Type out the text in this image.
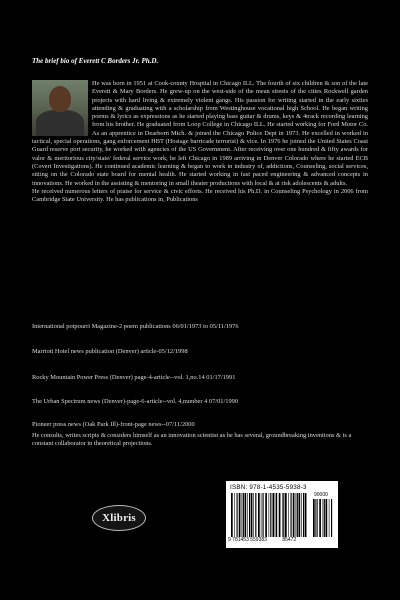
The brief bio of Everett C Borders Jr. Ph.D.

He was born in 1951 at Cook-county Hospital in Chicago ILL. The fourth of six children & son of the late Everett & Mary Borders. He grew-up on the west-side of the mean streets of the cities Rockwell garden projects with hard living & extremely violent gangs. His passion for writing started in the early sixties attending & graduating with a scholarship from Westinghouse vocational high School. He began writing poems & lyrics as expressions as he started playing bass guitar & drums, keys & 4track recording learning from his brother. He graduated from Loop College in Chicago ILL. He started working for Ford Motor Co. As an apprentice in Dearborn Mich. & joined the Chicago Police Dept in 1973. He excelled in worked in tactical, special operations, gang enforcement HBT (Hostage barricade terrorist) & vice. In 1976 he joined the United States Coast Guard reserve port security, he worked with agencies of the US Government. After receiving over one hundred & fifty awards for valor & meritorious city/state/ federal service work, he left Chicago in 1989 arriving in Denver Colorado where he started ECB (Covert Investigations). He continued academic learning & began to work in industry of, addictions, Counseling, social services, sitting on the Colorado state board for mental health. He started working in fast paced engineering & advanced concepts in innovations. He worked in the assisting & mentoring in small theater productions with local & at risk adolescents & adults.

He received numerous letters of praise for service & civic efforts. He received his Ph.D. in Counseling Psychology in 2006 from Cambridge State University. He has publications in, Publications

International potpourri Magazine-2 poem publications 06/01/1973 to 05/11/1976
Marriott Hotel news publication (Denver) article-05/12/1998
Rocky Mountain Power Press (Denver) page-4-article--vol. 1,no.14 01/17/1991
The Urban Spectrum news (Denver)-page-6-article--vol. 4,number 4 07/01/1990
Pioneer press news (Oak Park Ill)-front-page news--07/11/2000

He consults, writes scripts & considers himself as an innovation scientist as he has several, groundbreaking inventions & is a constant collaborator in theoretical projections.

Xlibris
ISBN: 978-1-4535-5938-3
90000
9 781453 559383	85472
